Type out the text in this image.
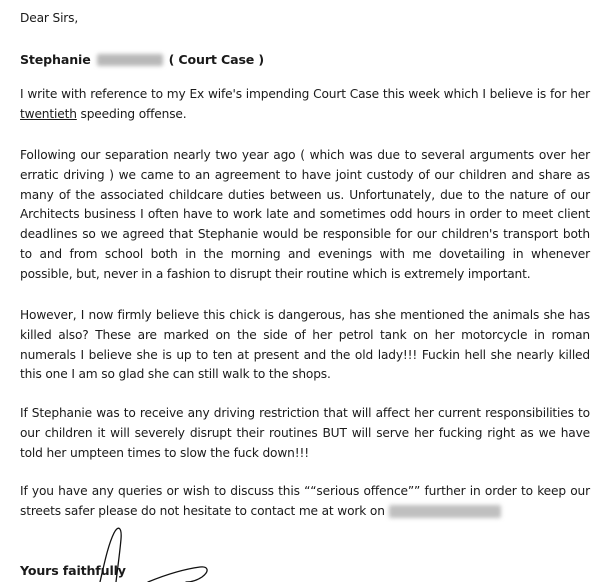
Dear Sirs,
Stephanie	( Court Case )

I write with reference to my Ex wife's impending Court Case this week which I believe is for her twentieth speeding offense.

Following our separation nearly two year ago ( which was due to several arguments over her erratic driving ) we came to an agreement to have joint custody of our children and share as many of the associated childcare duties between us. Unfortunately, due to the nature of our Architects business I often have to work late and sometimes odd hours in order to meet client deadlines so we agreed that Stephanie would be responsible for our children's transport both to and from school both in the morning and evenings with me dovetailing in whenever possible, but, never in a fashion to disrupt their routine which is extremely important.

However, I now firmly believe this chick is dangerous, has she mentioned the animals she has killed also? These are marked on the side of her petrol tank on her motorcycle in roman numerals I believe she is up to ten at present and the old lady!!! Fuckin hell she nearly killed this one I am so glad she can still walk to the shops.

If Stephanie was to receive any driving restriction that will affect her current responsibilities to our children it will severely disrupt their routines BUT will serve her fucking right as we have told her umpteen times to slow the fuck down!!!

If you have any queries or wish to discuss this ““serious offence”” further in order to keep our streets safer please do not hesitate to contact me at work on

Yours faithfully
